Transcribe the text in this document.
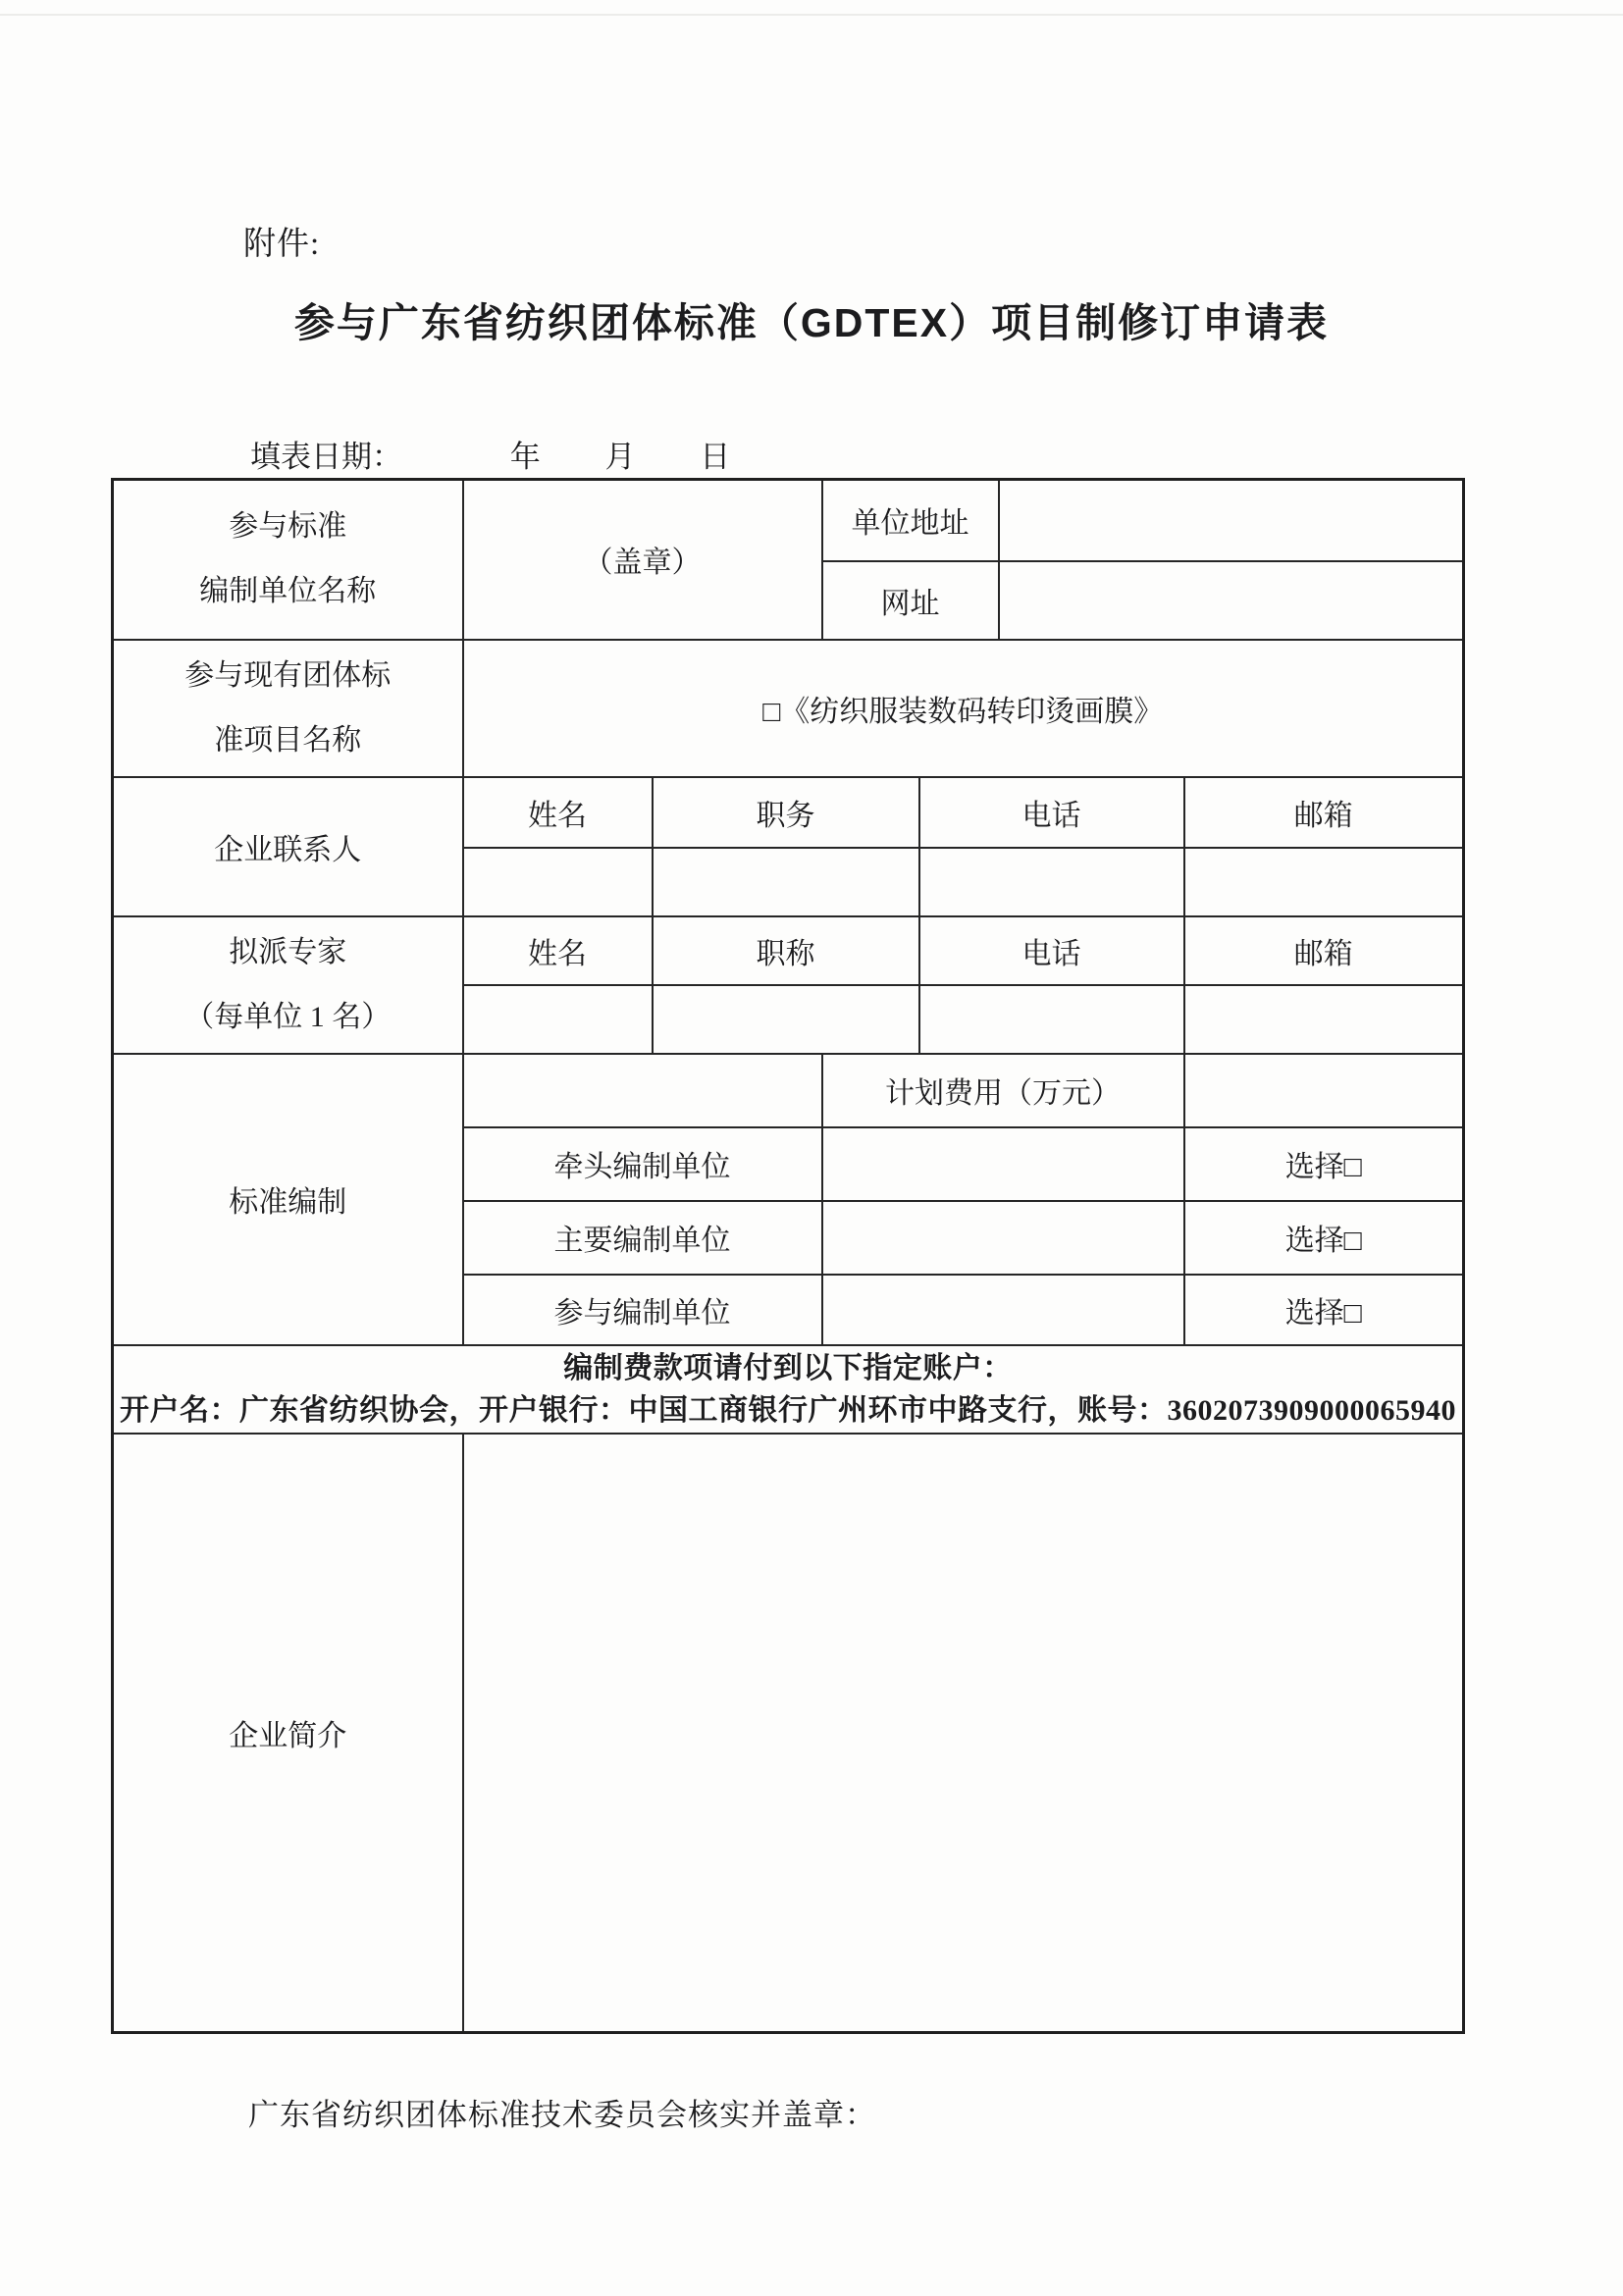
附件:
参与广东省纺织团体标准（GDTEX）项目制修订申请表
填表日期：	年 月 日
参与标准
编制单位名称	（盖章）		单位地址			
			网址			

参与现有团体标
准项目名称	□《纺织服装数码转印烫画膜》					
企业联系人	姓名	职务		电话		邮箱

拟派专家
（每单位 1 名）	姓名	职称		电话		邮箱

标准编制			计划费用（万元）			
	牵头编制单位					选择□
	主要编制单位					选择□
	参与编制单位					选择□

编制费款项请付到以下指定账户：
开户名：广东省纺织协会，开户银行：中国工商银行广州环市中路支行，账号：3602073909000065940						

企业简介						
广东省纺织团体标准技术委员会核实并盖章：
